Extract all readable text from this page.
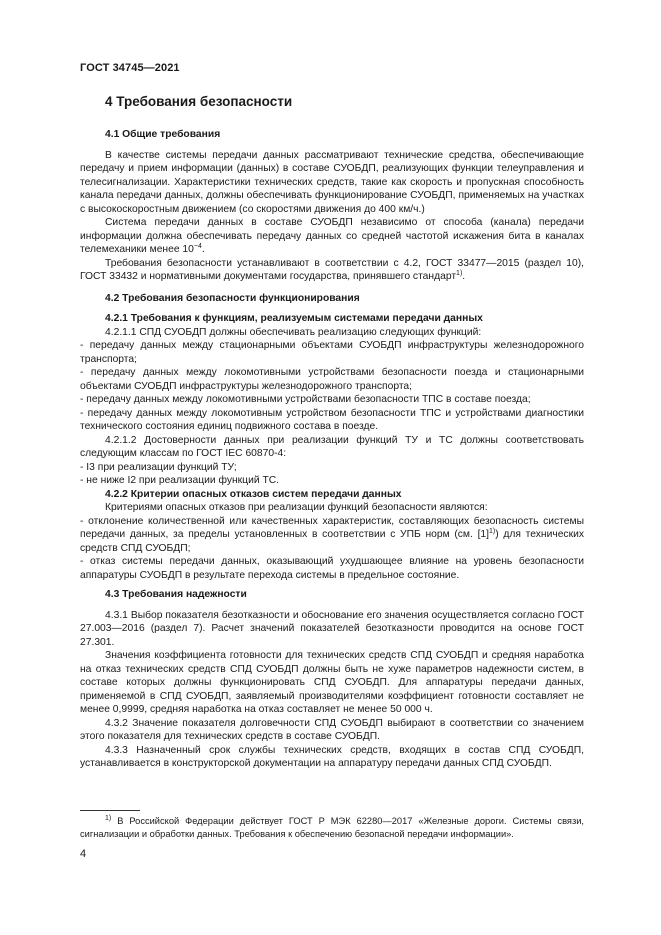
ГОСТ 34745—2021
4 Требования безопасности

4.1 Общие требования

В качестве системы передачи данных рассматривают технические средства, обеспечивающие передачу и прием информации (данных) в составе СУОБДП, реализующих функции телеуправления и телесигнализации. Характеристики технических средств, такие как скорость и пропускная способность канала передачи данных, должны обеспечивать функционирование СУОБДП, применяемых на участках с высокоскоростным движением (со скоростями движения до 400 км/ч.)

Система передачи данных в составе СУОБДП независимо от способа (канала) передачи информации должна обеспечивать передачу данных со средней частотой искажения бита в каналах телемеханики менее $10^{-4}$.

Требования безопасности устанавливают в соответствии с 4.2, ГОСТ 33477—2015 (раздел 10), ГОСТ 33432 и нормативными документами государства, принявшего стандарт$^{1)}$.

4.2 Требования безопасности функционирования

4.2.1 Требования к функциям, реализуемым системами передачи данных

4.2.1.1 СПД СУОБДП должны обеспечивать реализацию следующих функций:

- передачу данных между стационарными объектами СУОБДП инфраструктуры железнодорожного транспорта;

- передачу данных между локомотивными устройствами безопасности поезда и стационарными объектами СУОБДП инфраструктуры железнодорожного транспорта;

- передачу данных между локомотивными устройствами безопасности ТПС в составе поезда;

- передачу данных между локомотивным устройством безопасности ТПС и устройствами диагностики технического состояния единиц подвижного состава в поезде.

4.2.1.2 Достоверности данных при реализации функций ТУ и ТС должны соответствовать следующим классам по ГОСТ IEC 60870-4:

- I3 при реализации функций ТУ;

- не ниже I2 при реализации функций ТС.

4.2.2 Критерии опасных отказов систем передачи данных

Критериями опасных отказов при реализации функций безопасности являются:

- отклонение количественной или качественных характеристик, составляющих безопасность системы передачи данных, за пределы установленных в соответствии с УПБ норм (см. $[1]^{1)}$) для технических средств СПД СУОБДП;

- отказ системы передачи данных, оказывающий ухудшающее влияние на уровень безопасности аппаратуры СУОБДП в результате перехода системы в предельное состояние.

4.3 Требования надежности

4.3.1 Выбор показателя безотказности и обоснование его значения осуществляется согласно ГОСТ 27.003—2016 (раздел 7). Расчет значений показателей безотказности проводится на основе ГОСТ 27.301.

Значения коэффициента готовности для технических средств СПД СУОБДП и средняя наработка на отказ технических средств СПД СУОБДП должны быть не хуже параметров надежности систем, в составе которых должны функционировать СПД СУОБДП. Для аппаратуры передачи данных, применяемой в СПД СУОБДП, заявляемый производителями коэффициент готовности составляет не менее 0,9999, средняя наработка на отказ составляет не менее 50 000 ч.

4.3.2 Значение показателя долговечности СПД СУОБДП выбирают в соответствии со значением этого показателя для технических средств в составе СУОБДП.

4.3.3 Назначенный срок службы технических средств, входящих в состав СПД СУОБДП, устанавливается в конструкторской документации на аппаратуру передачи данных СПД СУОБДП.

$^{1)}$ В Российской Федерации действует ГОСТ Р МЭК 62280—2017 «Железные дороги. Системы связи, сигнализации и обработки данных. Требования к обеспечению безопасной передачи информации».

4
